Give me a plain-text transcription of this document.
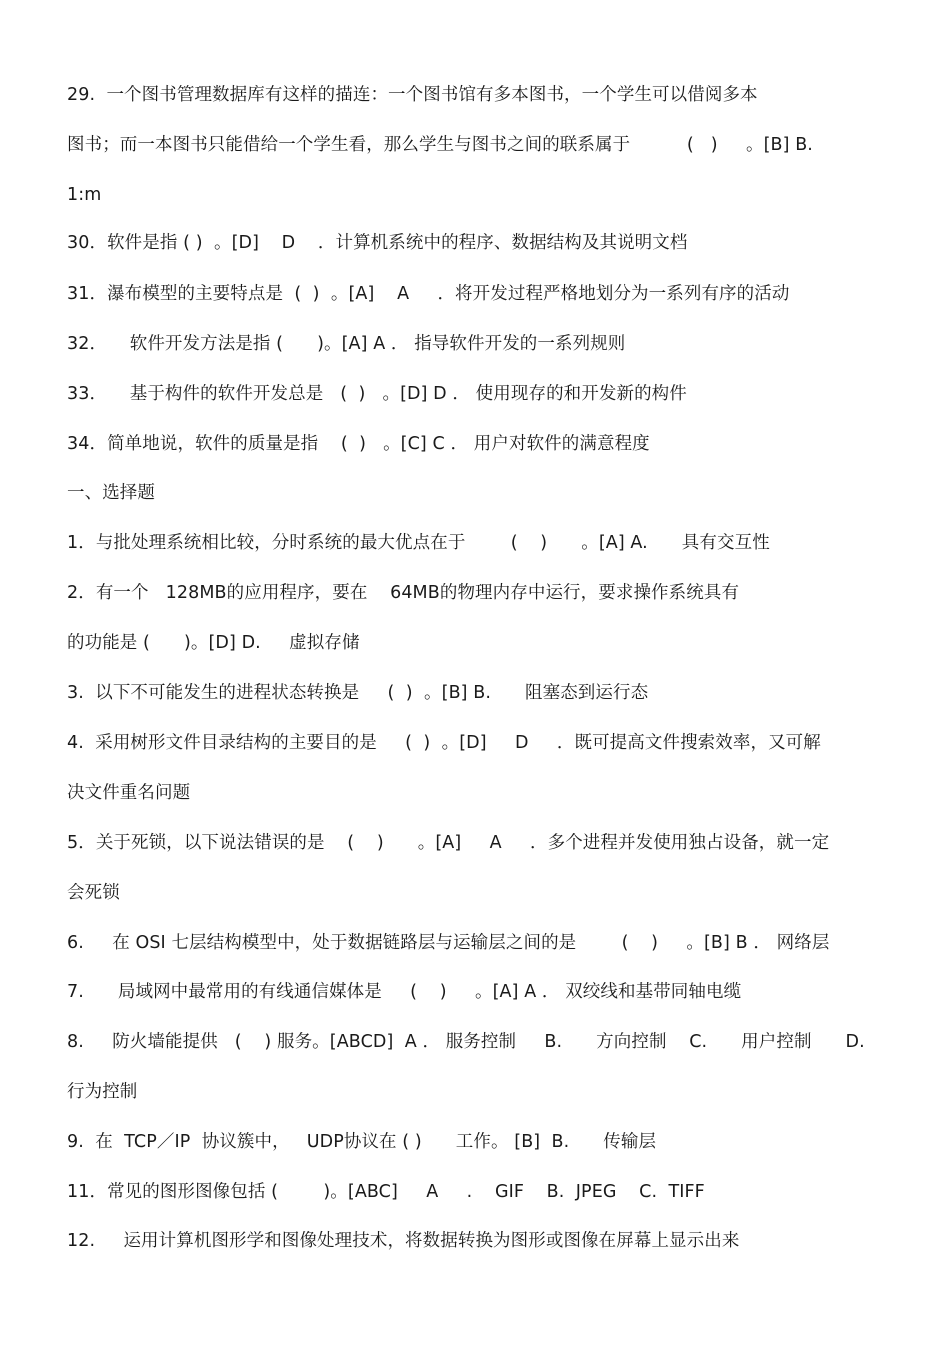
29.  一个图书管理数据库有这样的描连：一个图书馆有多本图书，一个学生可以借阅多本
图书；而一本图书只能借给一个学生看，那么学生与图书之间的联系属于          (   )     。[B] B.
1:m
30．软件是指 ( )  。[D]    D    ．计算机系统中的程序、数据结构及其说明文档
31．瀑布模型的主要特点是  (  )  。[A]    A     ．将开发过程严格地划分为一系列有序的活动
32．    软件开发方法是指 (      )。[A] A ． 指导软件开发的一系列规则
33．    基于构件的软件开发总是   (  )   。[D] D ． 使用现存的和开发新的构件
34．简单地说，软件的质量是指    (  )   。[C] C ． 用户对软件的满意程度
一、选择题
1．与批处理系统相比较，分时系统的最大优点在于        (    )      。[A] A.      具有交互性
2．有一个   128MB的应用程序，要在    64MB的物理内存中运行，要求操作系统具有
的功能是 (      )。[D] D.     虚拟存储
3.  以下不可能发生的进程状态转换是     (  )  。[B] B.      阻塞态到运行态
4.  采用树形文件目录结构的主要目的是     (  )  。[D]     D     ．既可提高文件搜索效率，又可解
决文件重名问题
5．关于死锁，以下说法错误的是    (    )      。[A]     A     ．多个进程并发使用独占设备，就一定
会死锁
6.     在 OSI 七层结构模型中，处于数据链路层与运输层之间的是        (    )     。[B] B ． 网络层
7.      局域网中最常用的有线通信媒体是     (    )     。[A] A ． 双绞线和基带同轴电缆
8.     防火墙能提供   (    ) 服务。[ABCD]  A ． 服务控制     B.      方向控制    C.      用户控制      D.
行为控制
9.  在  TCP／IP  协议簇中，   UDP协议在 ( )      工作。 [B]  B.      传输层
11．常见的图形图像包括 (        )。[ABC]     A     .    GIF    B.  JPEG    C.  TIFF
12.     运用计算机图形学和图像处理技术，将数据转换为图形或图像在屏幕上显示出来
